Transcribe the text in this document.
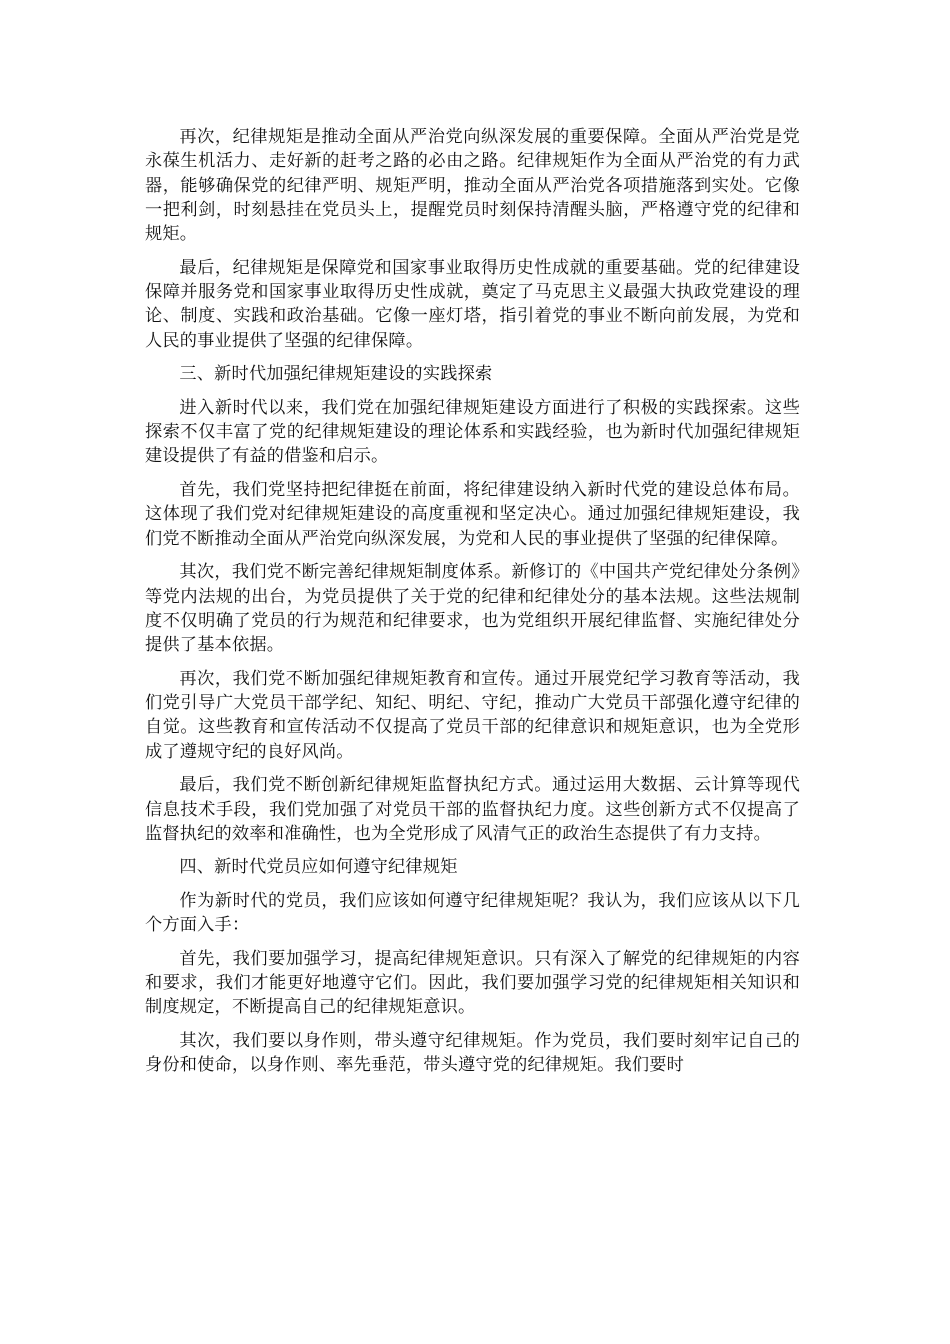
再次，纪律规矩是推动全面从严治党向纵深发展的重要保障。全面从严治党是党永葆生机活力、走好新的赶考之路的必由之路。纪律规矩作为全面从严治党的有力武器，能够确保党的纪律严明、规矩严明，推动全面从严治党各项措施落到实处。它像一把利剑，时刻悬挂在党员头上，提醒党员时刻保持清醒头脑，严格遵守党的纪律和规矩。

最后，纪律规矩是保障党和国家事业取得历史性成就的重要基础。党的纪律建设保障并服务党和国家事业取得历史性成就，奠定了马克思主义最强大执政党建设的理论、制度、实践和政治基础。它像一座灯塔，指引着党的事业不断向前发展，为党和人民的事业提供了坚强的纪律保障。

三、新时代加强纪律规矩建设的实践探索

进入新时代以来，我们党在加强纪律规矩建设方面进行了积极的实践探索。这些探索不仅丰富了党的纪律规矩建设的理论体系和实践经验，也为新时代加强纪律规矩建设提供了有益的借鉴和启示。

首先，我们党坚持把纪律挺在前面，将纪律建设纳入新时代党的建设总体布局。这体现了我们党对纪律规矩建设的高度重视和坚定决心。通过加强纪律规矩建设，我们党不断推动全面从严治党向纵深发展，为党和人民的事业提供了坚强的纪律保障。

其次，我们党不断完善纪律规矩制度体系。新修订的《中国共产党纪律处分条例》等党内法规的出台，为党员提供了关于党的纪律和纪律处分的基本法规。这些法规制度不仅明确了党员的行为规范和纪律要求，也为党组织开展纪律监督、实施纪律处分提供了基本依据。

再次，我们党不断加强纪律规矩教育和宣传。通过开展党纪学习教育等活动，我们党引导广大党员干部学纪、知纪、明纪、守纪，推动广大党员干部强化遵守纪律的自觉。这些教育和宣传活动不仅提高了党员干部的纪律意识和规矩意识，也为全党形成了遵规守纪的良好风尚。

最后，我们党不断创新纪律规矩监督执纪方式。通过运用大数据、云计算等现代信息技术手段，我们党加强了对党员干部的监督执纪力度。这些创新方式不仅提高了监督执纪的效率和准确性，也为全党形成了风清气正的政治生态提供了有力支持。

四、新时代党员应如何遵守纪律规矩

作为新时代的党员，我们应该如何遵守纪律规矩呢？我认为，我们应该从以下几个方面入手：

首先，我们要加强学习，提高纪律规矩意识。只有深入了解党的纪律规矩的内容和要求，我们才能更好地遵守它们。因此，我们要加强学习党的纪律规矩相关知识和制度规定，不断提高自己的纪律规矩意识。

其次，我们要以身作则，带头遵守纪律规矩。作为党员，我们要时刻牢记自己的身份和使命，以身作则、率先垂范，带头遵守党的纪律规矩。我们要时
